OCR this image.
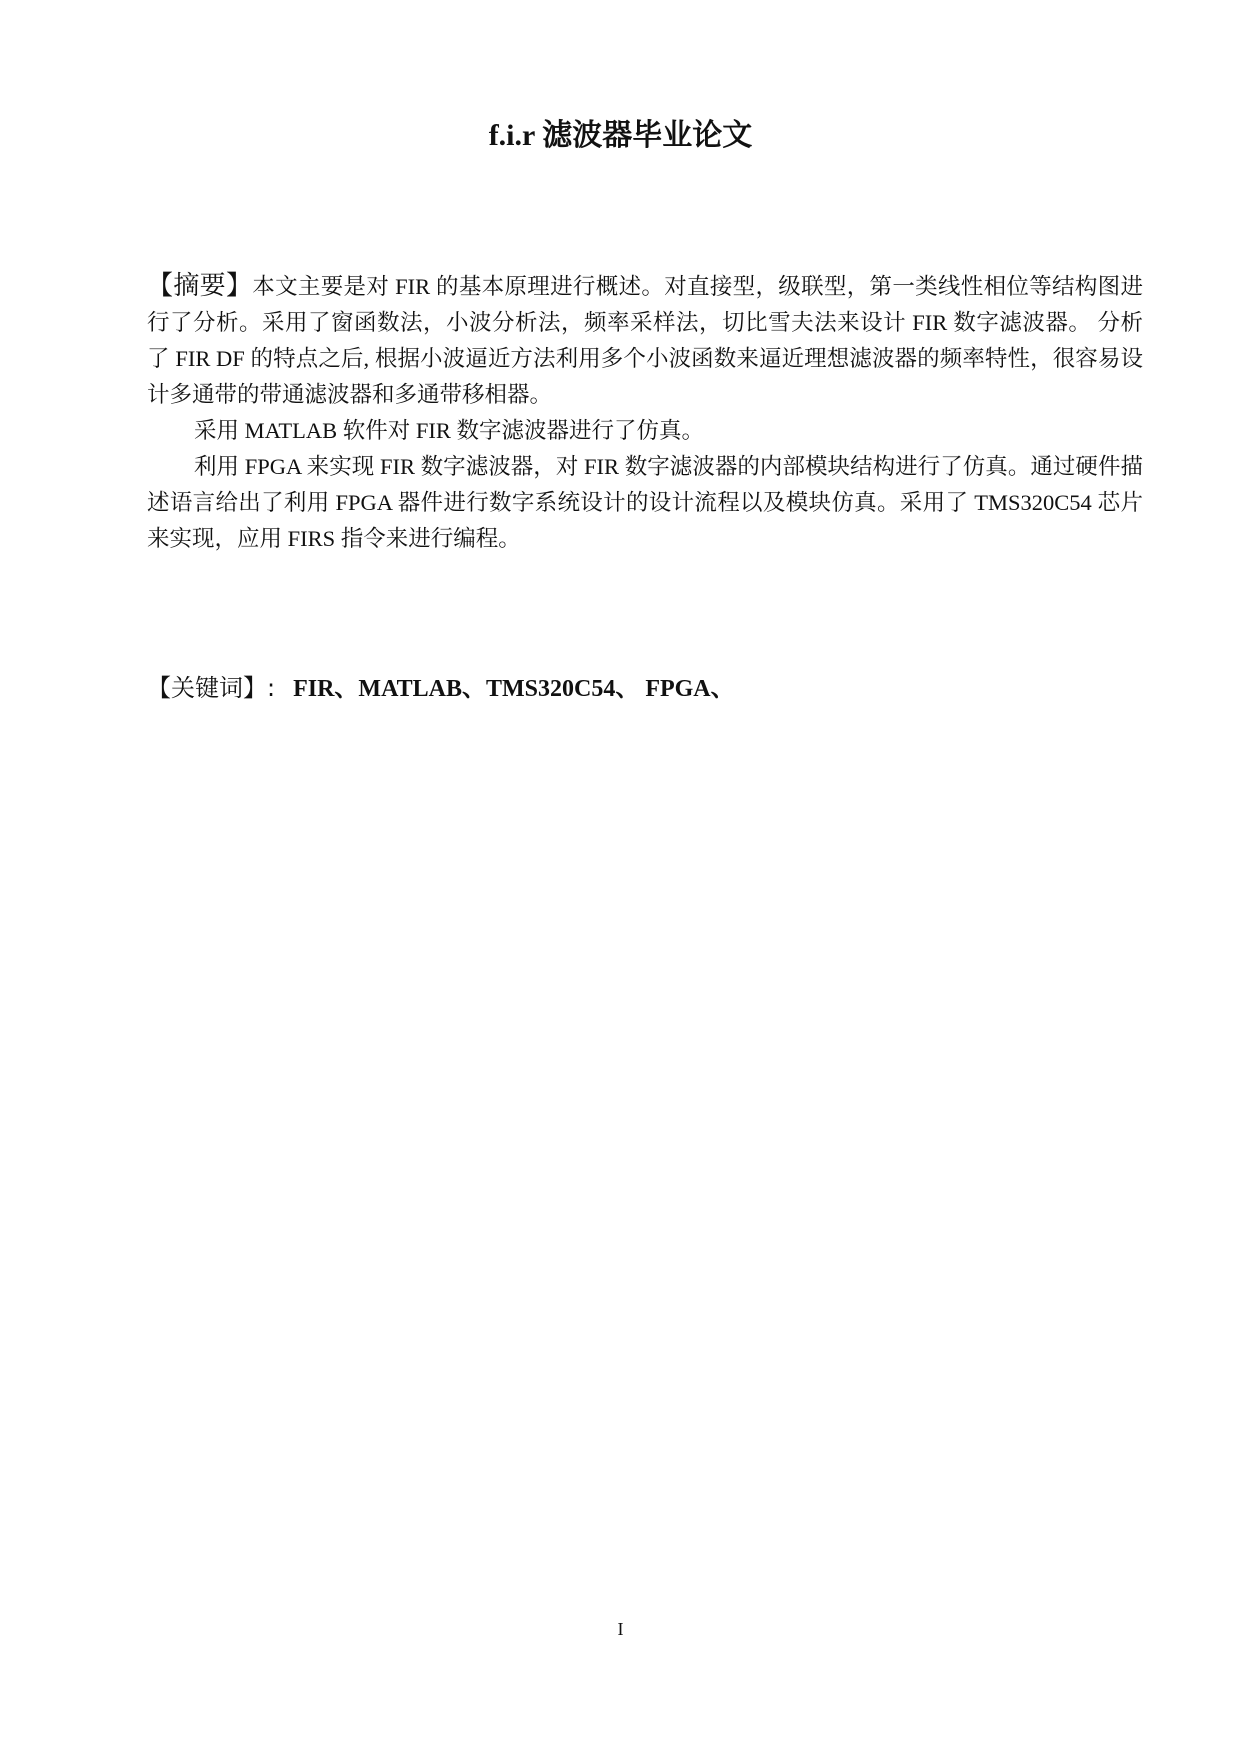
f.i.r 滤波器毕业论文

【摘要】本文主要是对 FIR 的基本原理进行概述。对直接型，级联型，第一类线性相位等结构图进行了分析。采用了窗函数法，小波分析法，频率采样法，切比雪夫法来设计 FIR 数字滤波器。 分析了 FIR DF 的特点之后, 根据小波逼近方法利用多个小波函数来逼近理想滤波器的频率特性，很容易设计多通带的带通滤波器和多通带移相器。

采用 MATLAB 软件对 FIR 数字滤波器进行了仿真。

利用 FPGA 来实现 FIR 数字滤波器，对 FIR 数字滤波器的内部模块结构进行了仿真。通过硬件描述语言给出了利用 FPGA 器件进行数字系统设计的设计流程以及模块仿真。采用了 TMS320C54 芯片来实现，应用 FIRS 指令来进行编程。

【关键词】: FIR、MATLAB、TMS320C54、 FPGA、
I
